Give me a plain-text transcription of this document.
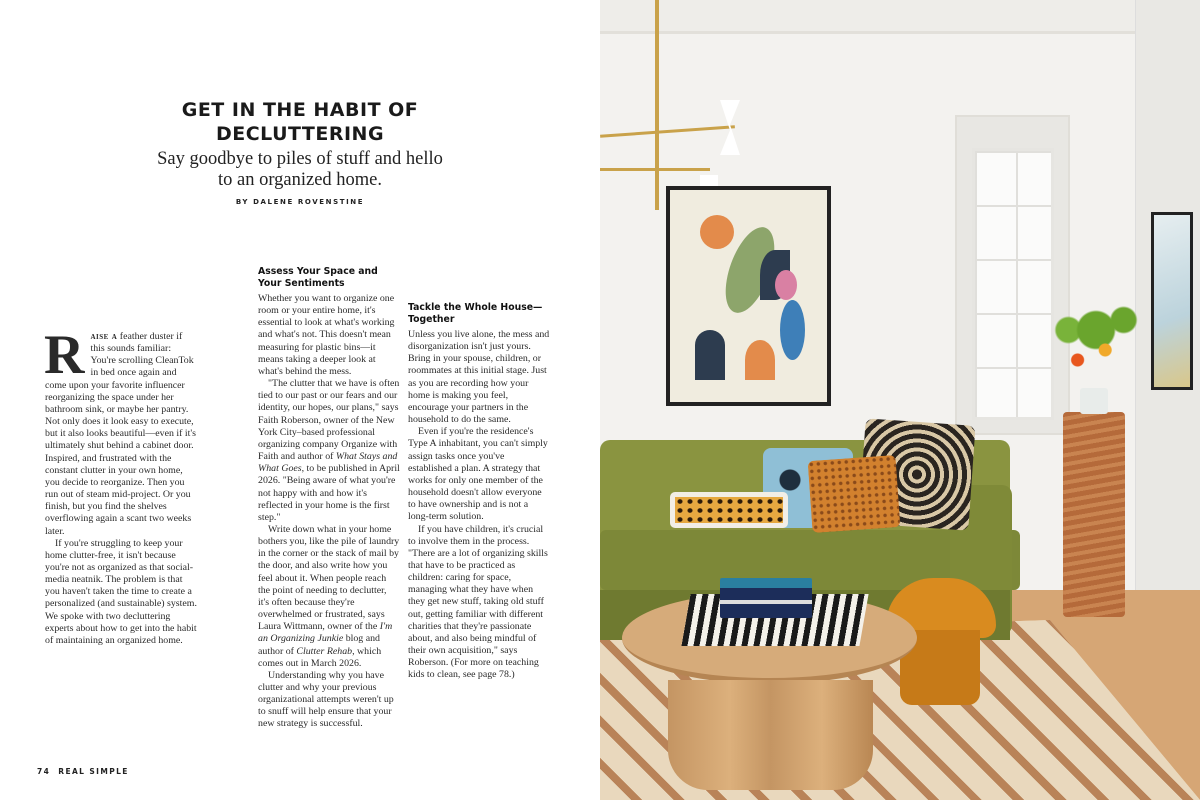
GET IN THE HABIT OF DECLUTTERING
Say goodbye to piles of stuff and hello to an organized home.
BY DALENE ROVENSTINE

Raise a feather duster if this sounds familiar: You're scrolling CleanTok in bed once again and come upon your favorite influencer reorganizing the space under her bathroom sink, or maybe her pantry. Not only does it look easy to execute, but it also looks beautiful—even if it's ultimately shut behind a cabinet door. Inspired, and frustrated with the constant clutter in your own home, you decide to reorganize. Then you run out of steam mid-project. Or you finish, but you find the shelves overflowing again a scant two weeks later.

If you're struggling to keep your home clutter-free, it isn't because you're not as organized as that social-media neatnik. The problem is that you haven't taken the time to create a personalized (and sustainable) system. We spoke with two decluttering experts about how to get into the habit of maintaining an organized home.

Assess Your Space and Your Sentiments

Whether you want to organize one room or your entire home, it's essential to look at what's working and what's not. This doesn't mean measuring for plastic bins—it means taking a deeper look at what's behind the mess.

"The clutter that we have is often tied to our past or our fears and our identity, our hopes, our plans," says Faith Roberson, owner of the New York City–based professional organizing company Organize with Faith and author of What Stays and What Goes, to be published in April 2026. "Being aware of what you're not happy with and how it's reflected in your home is the first step."

Write down what in your home bothers you, like the pile of laundry in the corner or the stack of mail by the door, and also write how you feel about it. When people reach the point of needing to declutter, it's often because they're overwhelmed or frustrated, says Laura Wittmann, owner of the I'm an Organizing Junkie blog and author of Clutter Rehab, which comes out in March 2026.

Understanding why you have clutter and why your previous organizational attempts weren't up to snuff will help ensure that your new strategy is successful.

Tackle the Whole House—Together

Unless you live alone, the mess and disorganization isn't just yours. Bring in your spouse, children, or roommates at this initial stage. Just as you are recording how your home is making you feel, encourage your partners in the household to do the same.

Even if you're the residence's Type A inhabitant, you can't simply assign tasks once you've established a plan. A strategy that works for only one member of the household doesn't allow everyone to have ownership and is not a long-term solution.

If you have children, it's crucial to involve them in the process. "There are a lot of organizing skills that have to be practiced as children: caring for space, managing what they have when they get new stuff, taking old stuff out, getting familiar with different charities that they're passionate about, and also being mindful of their own acquisition," says Roberson. (For more on teaching kids to clean, see page 78.)

74 REAL SIMPLE
